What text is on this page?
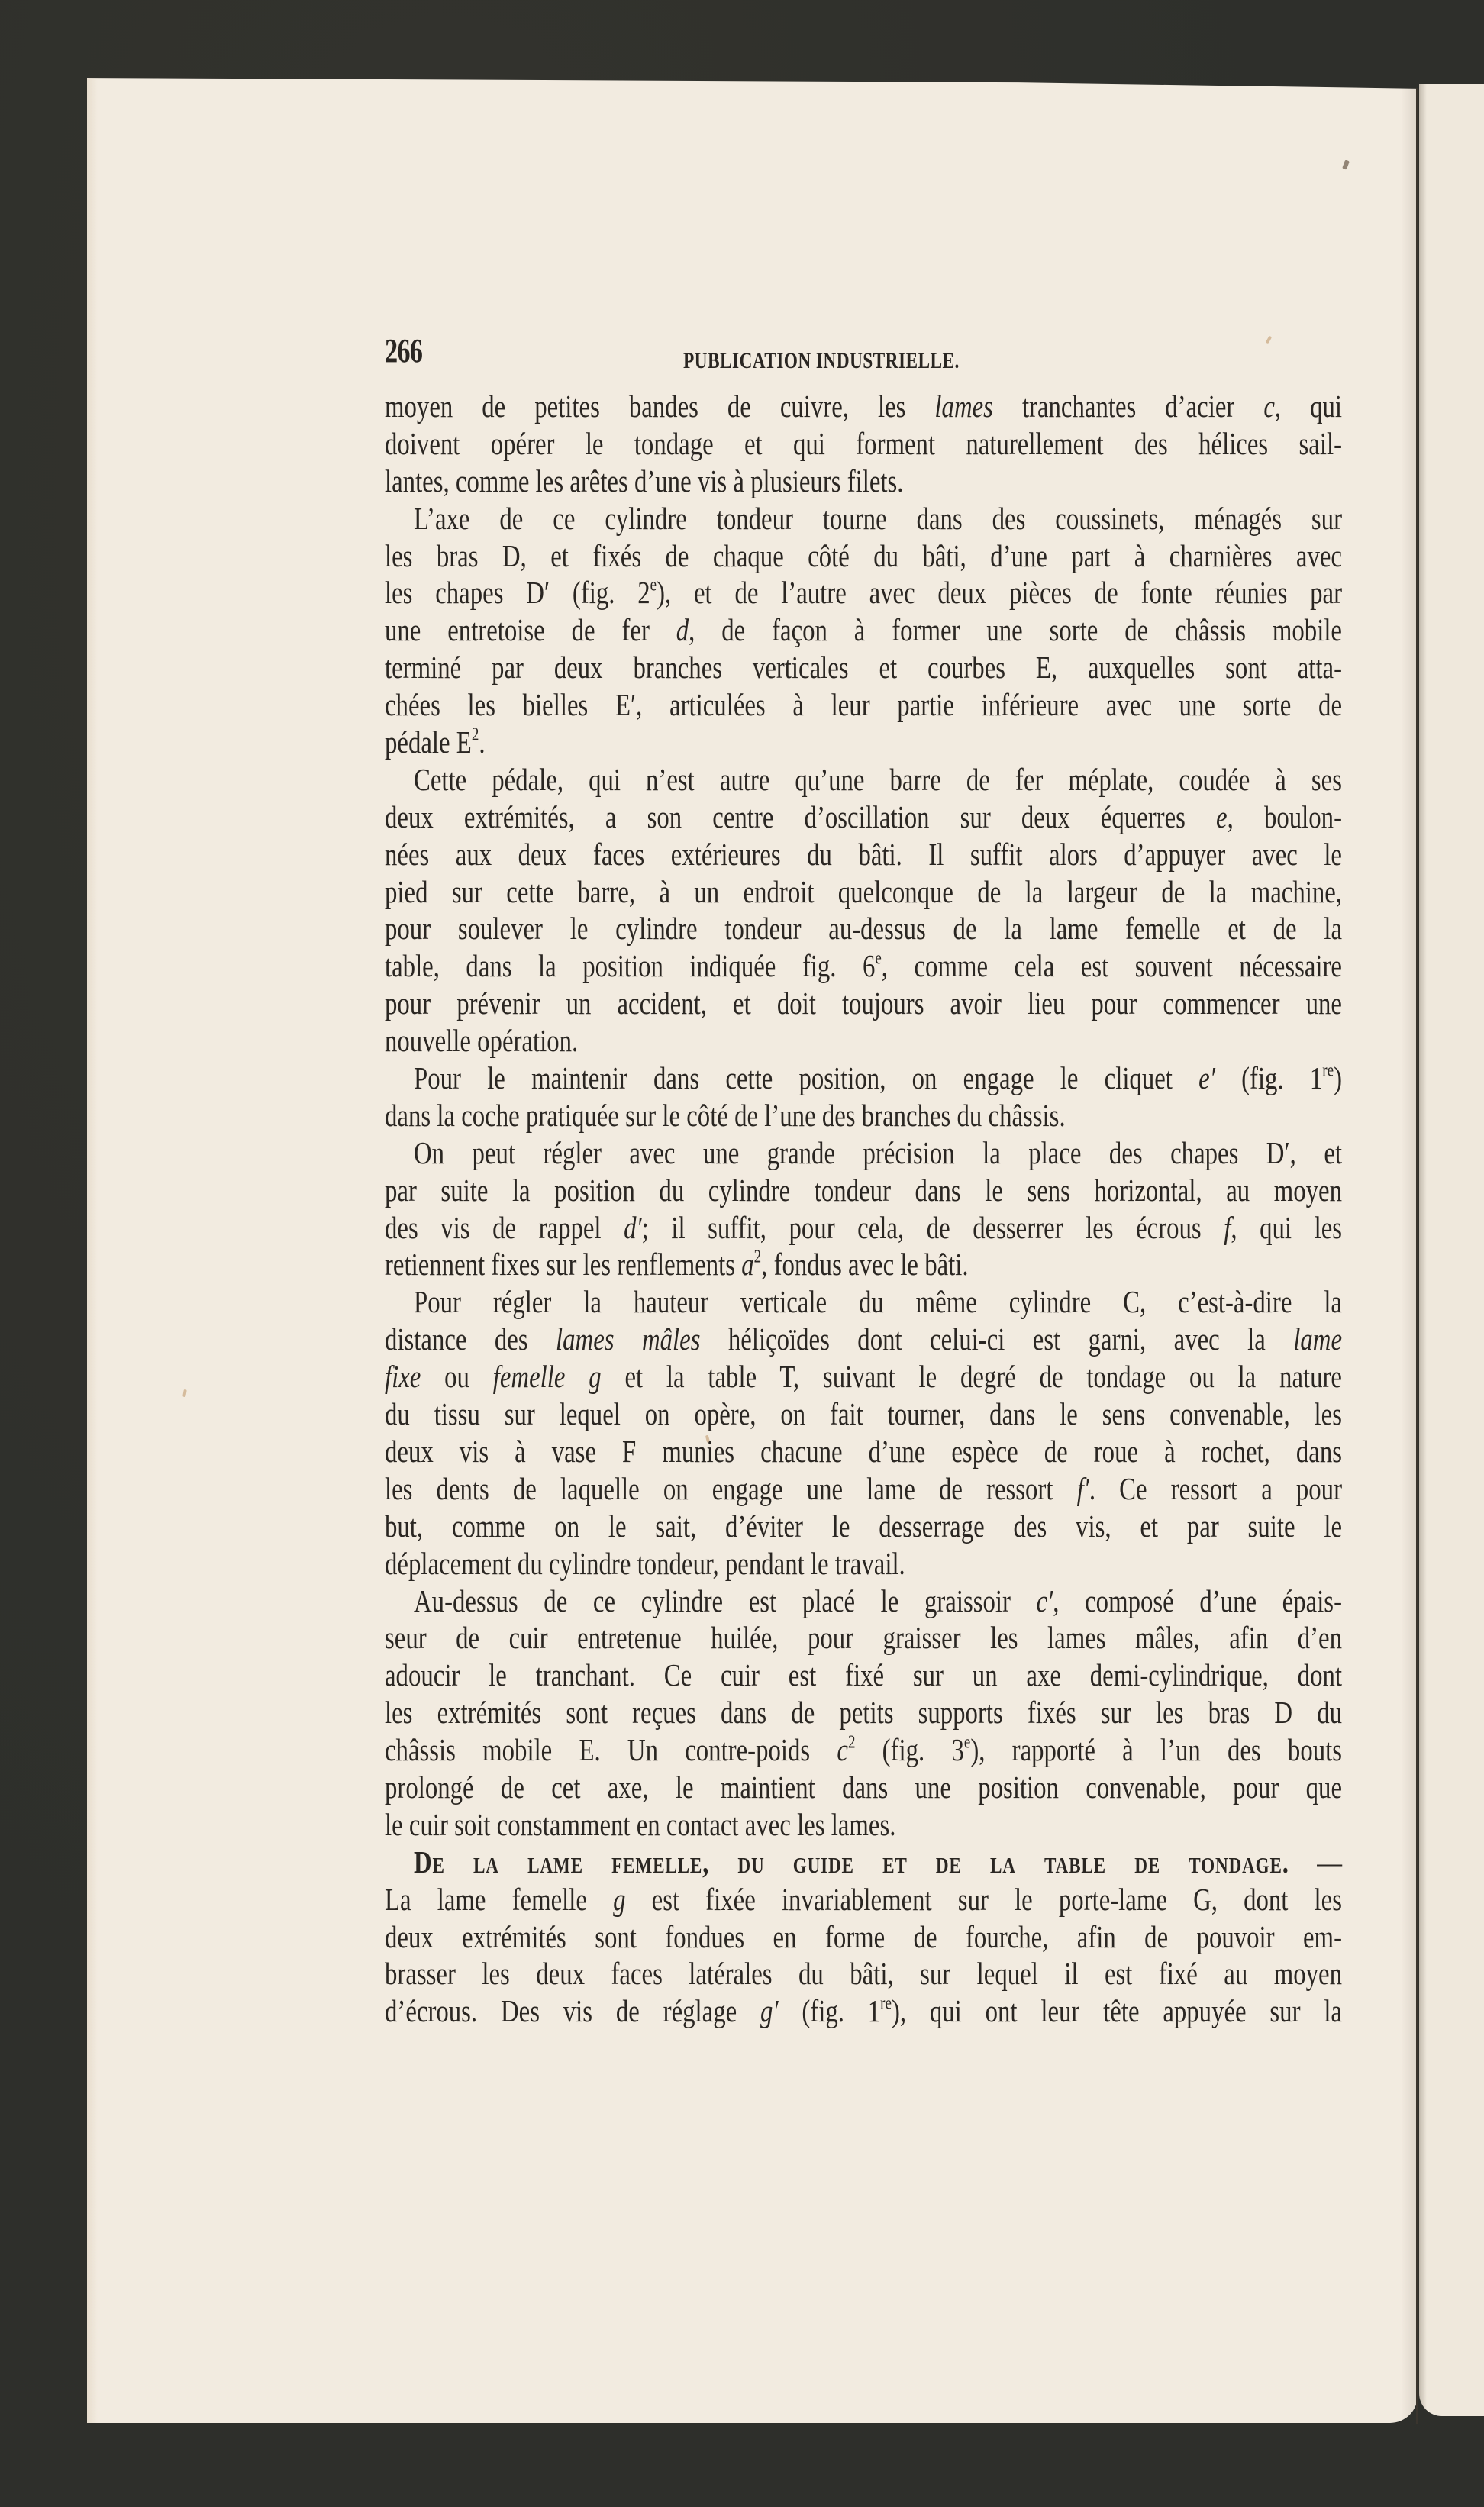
266	PUBLICATION INDUSTRIELLE.
moyen de petites bandes de cuivre, les lames tranchantes d’acier c, qui
doivent opérer le tondage et qui forment naturellement des hélices sail-
lantes, comme les arêtes d’une vis à plusieurs filets.
L’axe de ce cylindre tondeur tourne dans des coussinets, ménagés sur
les bras D, et fixés de chaque côté du bâti, d’une part à charnières avec
les chapes D′ (fig. 2e), et de l’autre avec deux pièces de fonte réunies par
une entretoise de fer d, de façon à former une sorte de châssis mobile
terminé par deux branches verticales et courbes E, auxquelles sont atta-
chées les bielles E′, articulées à leur partie inférieure avec une sorte de
pédale $E^2$.
Cette pédale, qui n’est autre qu’une barre de fer méplate, coudée à ses
deux extrémités, a son centre d’oscillation sur deux équerres e, boulon-
nées aux deux faces extérieures du bâti. Il suffit alors d’appuyer avec le
pied sur cette barre, à un endroit quelconque de la largeur de la machine,
pour soulever le cylindre tondeur au-dessus de la lame femelle et de la
table, dans la position indiquée fig. 6e, comme cela est souvent nécessaire
pour prévenir un accident, et doit toujours avoir lieu pour commencer une
nouvelle opération.
Pour le maintenir dans cette position, on engage le cliquet e′ (fig. 1re)
dans la coche pratiquée sur le côté de l’une des branches du châssis.
On peut régler avec une grande précision la place des chapes D′, et
par suite la position du cylindre tondeur dans le sens horizontal, au moyen
des vis de rappel d′; il suffit, pour cela, de desserrer les écrous f, qui les
retiennent fixes sur les renflements $a^2$, fondus avec le bâti.
Pour régler la hauteur verticale du même cylindre C, c’est-à-dire la
distance des lames mâles héliçoïdes dont celui-ci est garni, avec la lame
fixe ou femelle g et la table T, suivant le degré de tondage ou la nature
du tissu sur lequel on opère, on fait tourner, dans le sens convenable, les
deux vis à vase F munies chacune d’une espèce de roue à rochet, dans
les dents de laquelle on engage une lame de ressort f′. Ce ressort a pour
but, comme on le sait, d’éviter le desserrage des vis, et par suite le
déplacement du cylindre tondeur, pendant le travail.
Au-dessus de ce cylindre est placé le graissoir c′, composé d’une épais-
seur de cuir entretenue huilée, pour graisser les lames mâles, afin d’en
adoucir le tranchant. Ce cuir est fixé sur un axe demi-cylindrique, dont
les extrémités sont reçues dans de petits supports fixés sur les bras D du
châssis mobile E. Un contre-poids $c^2$ (fig. 3e), rapporté à l’un des bouts
prolongé de cet axe, le maintient dans une position convenable, pour que
le cuir soit constamment en contact avec les lames.
De la lame femelle, du guide et de la table de tondage. —
La lame femelle g est fixée invariablement sur le porte-lame G, dont les
deux extrémités sont fondues en forme de fourche, afin de pouvoir em-
brasser les deux faces latérales du bâti, sur lequel il est fixé au moyen
d’écrous. Des vis de réglage g′ (fig. 1re), qui ont leur tête appuyée sur la
